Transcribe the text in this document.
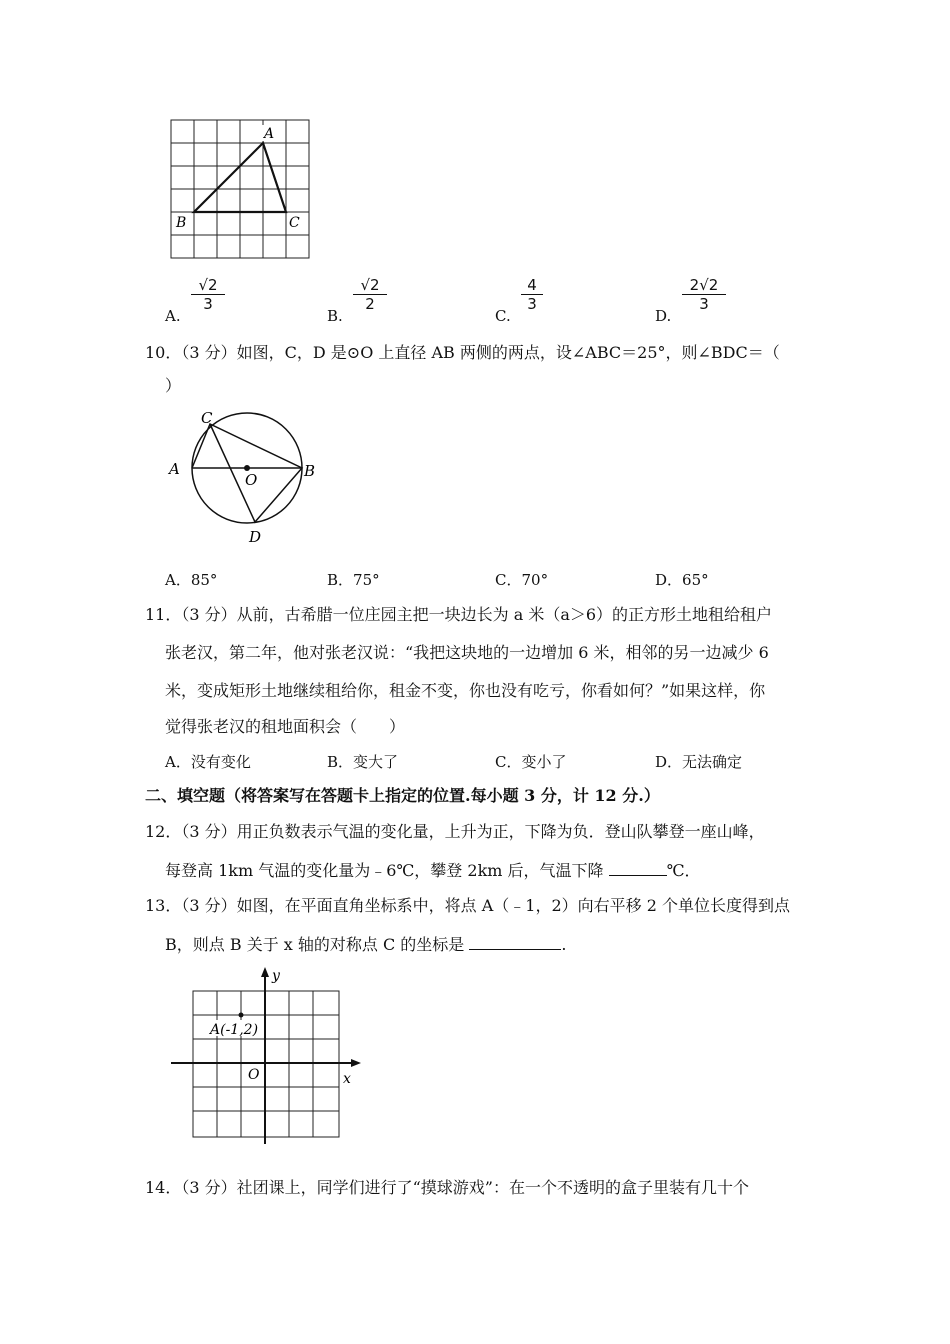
A
B	C
A.
$\frac{√2}{3}$
B.
$\frac{√2}{2}$
C.
$\frac{4}{3}$
D.
$\frac{2√2}{3}$
10．（3 分）如图，C，D 是⊙O 上直径 AB 两侧的两点，设∠ABC＝25°，则∠BDC＝（
）
C
A	B
O
D
A．85°	B．75°	C．70°	D．65°
11．（3 分）从前，古希腊一位庄园主把一块边长为 a 米（a＞6）的正方形土地租给租户
张老汉，第二年，他对张老汉说：“我把这块地的一边增加 6 米，相邻的另一边减少 6
米，变成矩形土地继续租给你，租金不变，你也没有吃亏，你看如何？”如果这样，你
觉得张老汉的租地面积会（　　）
A．没有变化	B．变大了	C．变小了	D．无法确定
二、填空题（将答案写在答题卡上指定的位置.每小题 3 分，计 12 分.）
12．（3 分）用正负数表示气温的变化量，上升为正，下降为负．登山队攀登一座山峰，
每登高 1km 气温的变化量为﹣6℃，攀登 2km 后，气温下降	℃．
13．（3 分）如图，在平面直角坐标系中，将点 A（﹣1，2）向右平移 2 个单位长度得到点
B，则点 B 关于 x 轴的对称点 C 的坐标是	.
A(-1,2)
y
x
O
14．（3 分）社团课上，同学们进行了“摸球游戏”：在一个不透明的盒子里装有几十个
